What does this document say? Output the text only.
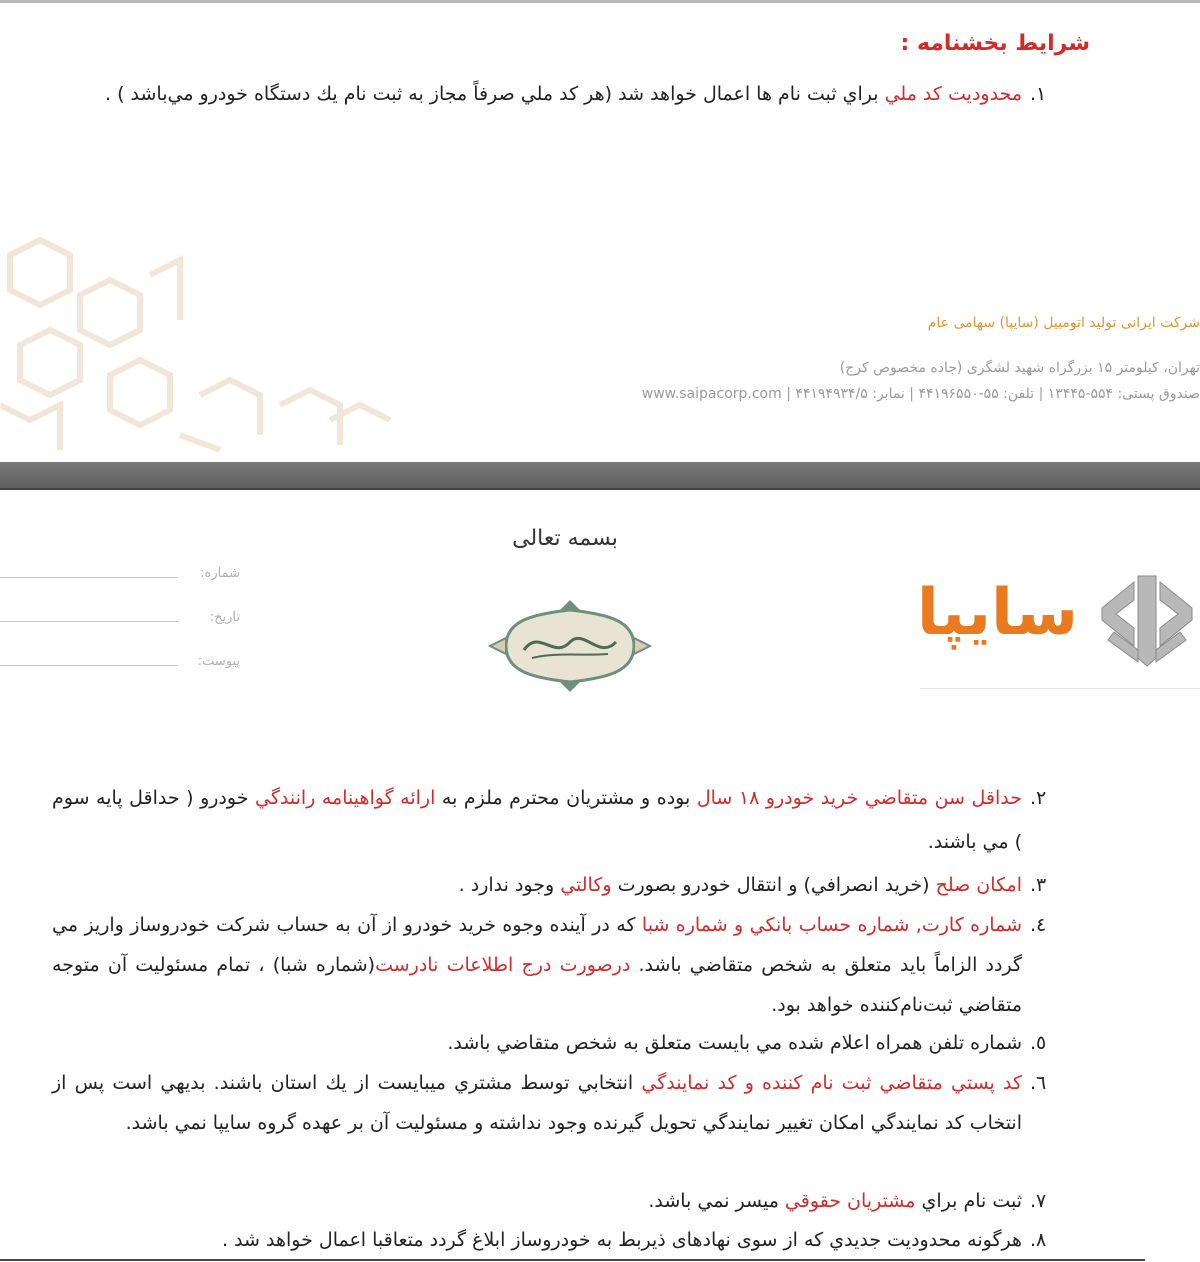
شرايط بخشنامه :
.١
محدوديت كد ملي براي ثبت نام ها اعمال خواهد شد (هر كد ملي صرفاً مجاز به ثبت نام يك دستگاه خودرو مي‌باشد ) .
شرکت ایرانی تولید اتومبیل (سایپا) سهامی عام
تهران، کیلومتر ۱۵ بزرگراه شهید لشگری (جاده مخصوص کرج)
صندوق پستی: ۵۵۴-۱۳۴۴۵ | تلفن: ۵۵-۴۴۱۹۶۵۵۰ | نمابر: ۴۴۱۹۴۹۳۴/۵ | www.saipacorp.com
بسمه تعالی
شماره:
تاریخ:
پیوست:
سایپا
.٢
حداقل سن متقاضي خريد خودرو ١٨ سال بوده و مشتريان محترم ملزم به ارائه گواهينامه رانندگي خودرو ( حداقل پايه سوم ) مي باشند.
.٣
امكان صلح (خريد انصرافي) و انتقال خودرو بصورت وكالتي وجود ندارد .
.٤
شماره كارت, شماره حساب بانكي و شماره شبا كه در آينده وجوه خريد خودرو از آن به حساب شركت خودروساز واريز مي گردد الزاماً بايد متعلق به شخص متقاضي باشد. درصورت درج اطلاعات نادرست(شماره شبا) ، تمام مسئوليت آن متوجه متقاضي ثبت‌نام‌كننده خواهد بود.
.٥
شماره تلفن همراه اعلام شده مي بايست متعلق به شخص متقاضي باشد.
.٦
كد پستي متقاضي ثبت نام كننده و كد نمايندگي انتخابي توسط مشتري ميبايست از يك استان باشند. بديهي است پس از انتخاب كد نمايندگي امكان تغيير نمايندگي تحويل گيرنده وجود نداشته و مسئوليت آن بر عهده گروه سايپا نمي باشد.
.٧
ثبت نام براي مشتريان حقوقي ميسر نمي باشد.
.٨
هرگونه محدوديت جديدي كه از سوی نهادهای ذیربط به خودروساز ابلاغ گردد متعاقبا اعمال خواهد شد .
